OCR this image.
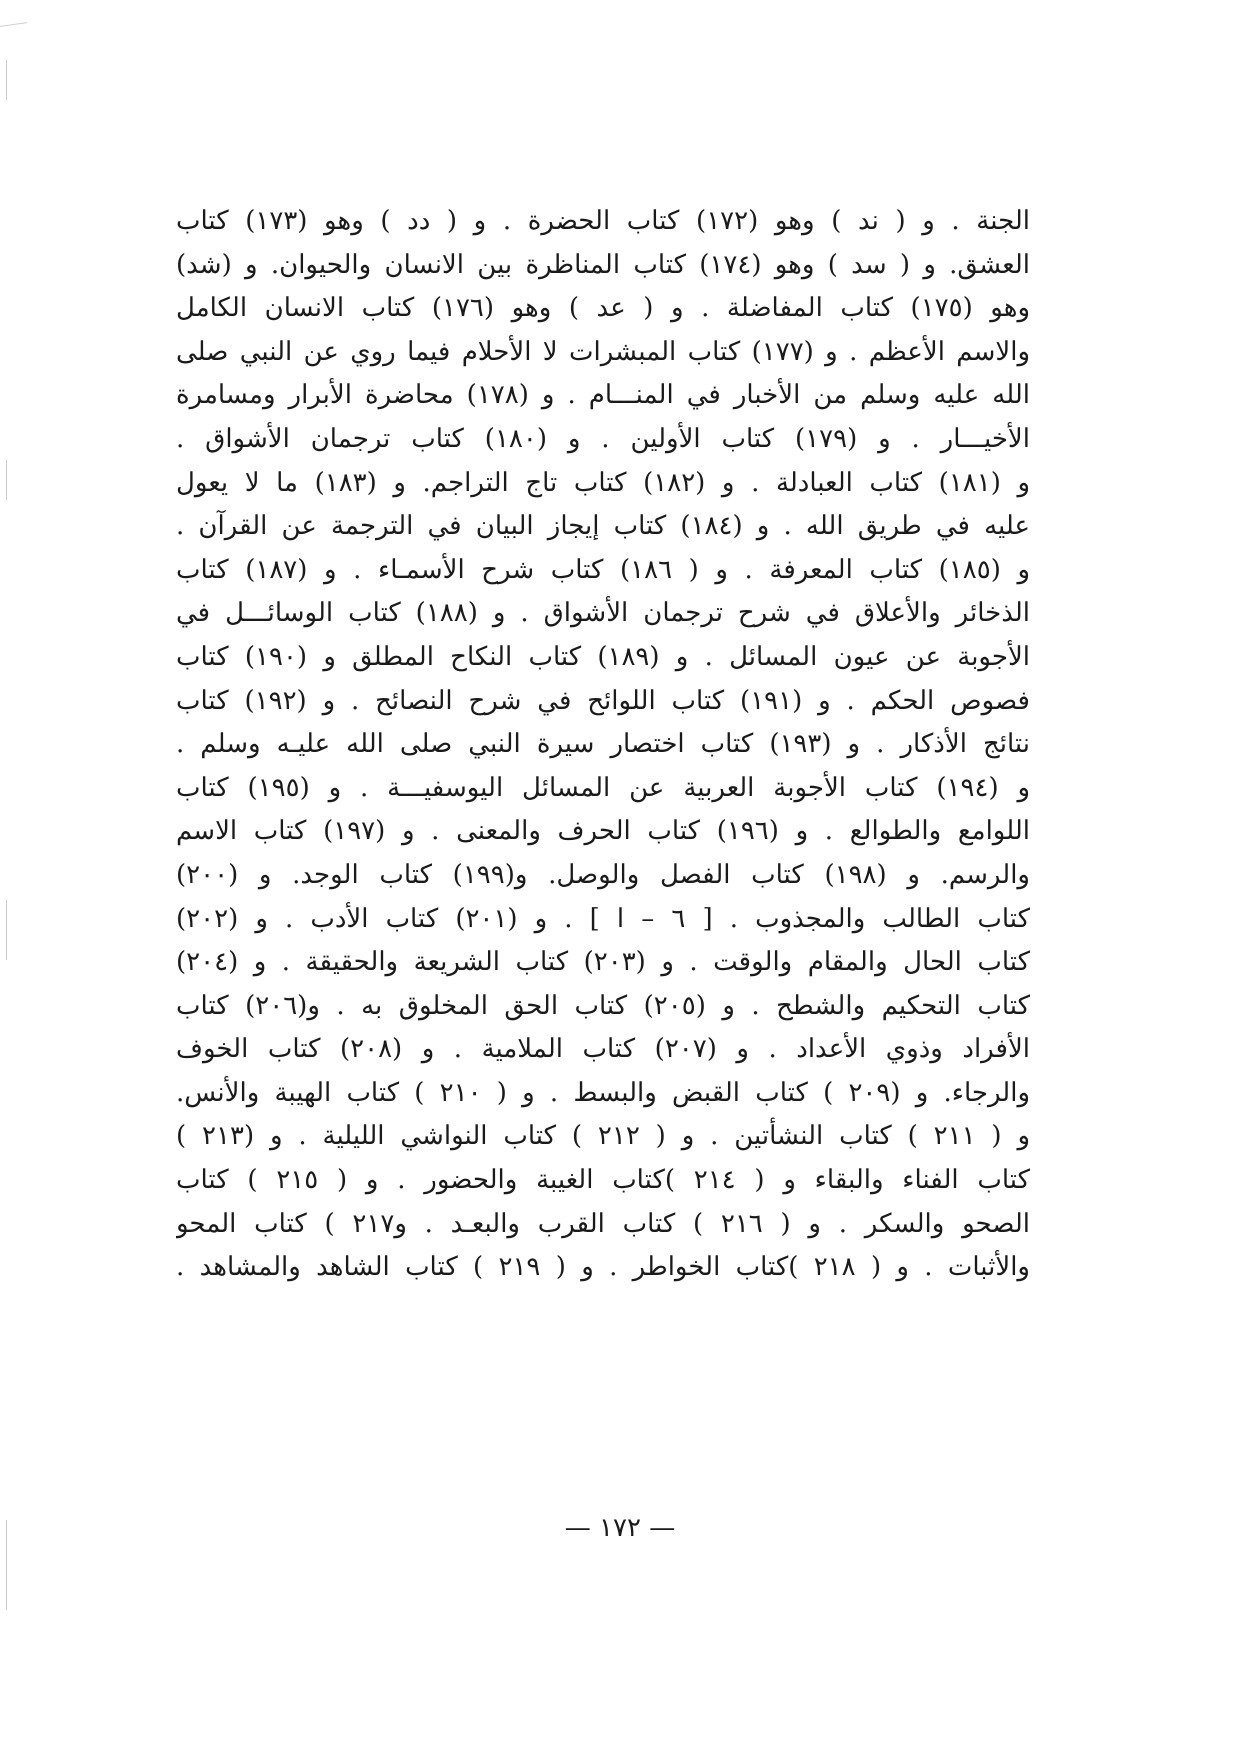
الجنة . و ( ند ) وهو (١٧٢) كتاب الحضرة . و ( دد ) وهو (١٧٣) كتاب
العشق. و ( سد ) وهو (١٧٤) كتاب المناظرة بين الانسان والحيوان. و (شد)
وهو (١٧٥) كتاب المفاضلة . و ( عد ) وهو (١٧٦) كتاب الانسان الكامل
والاسم الأعظم . و (١٧٧) كتاب المبشرات لا الأحلام فيما روي عن النبي صلى
الله عليه وسلم من الأخبار في المنـــام . و (١٧٨) محاضرة الأبرار ومسامرة
الأخيـــار . و (١٧٩) كتاب الأولين . و (١٨٠) كتاب ترجمان الأشواق .
و (١٨١) كتاب العبادلة . و (١٨٢) كتاب تاج التراجم. و (١٨٣) ما لا يعول
عليه في طريق الله . و (١٨٤) كتاب إيجاز البيان في الترجمة عن القرآن .
و (١٨٥) كتاب المعرفة . و ( ١٨٦) كتاب شرح الأسمـاء . و (١٨٧) كتاب
الذخائر والأعلاق في شرح ترجمان الأشواق . و (١٨٨) كتاب الوسائـــل في
الأجوبة عن عيون المسائل . و (١٨٩) كتاب النكاح المطلق و (١٩٠) كتاب
فصوص الحكم . و (١٩١) كتاب اللوائح في شرح النصائح . و (١٩٢) كتاب
نتائج الأذكار . و (١٩٣) كتاب اختصار سيرة النبي صلى الله عليـه وسلم .
و (١٩٤) كتاب الأجوبة العربية عن المسائل اليوسفيـــة . و (١٩٥) كتاب
اللوامع والطوالع . و (١٩٦) كتاب الحرف والمعنى . و (١٩٧) كتاب الاسم
والرسم. و (١٩٨) كتاب الفصل والوصل. و(١٩٩) كتاب الوجد. و (٢٠٠)
كتاب الطالب والمجذوب . [ ٦ – ا ] . و (٢٠١) كتاب الأدب . و (٢٠٢)
كتاب الحال والمقام والوقت . و (٢٠٣) كتاب الشريعة والحقيقة . و (٢٠٤)
كتاب التحكيم والشطح . و (٢٠٥) كتاب الحق المخلوق به . و(٢٠٦) كتاب
الأفراد وذوي الأعداد . و (٢٠٧) كتاب الملامية . و (٢٠٨) كتاب الخوف
والرجاء. و (٢٠٩ ) كتاب القبض والبسط . و ( ٢١٠ ) كتاب الهيبة والأنس.
و ( ٢١١ ) كتاب النشأتين . و ( ٢١٢ ) كتاب النواشي الليلية . و (٢١٣ )
كتاب الفناء والبقاء و ( ٢١٤ )كتاب الغيبة والحضور . و ( ٢١٥ ) كتاب
الصحو والسكر . و ( ٢١٦ ) كتاب القرب والبعـد . و٢١٧ ) كتاب المحو
والأثبات . و ( ٢١٨ )كتاب الخواطر . و ( ٢١٩ ) كتاب الشاهد والمشاهد .
— ١٧٢ —
